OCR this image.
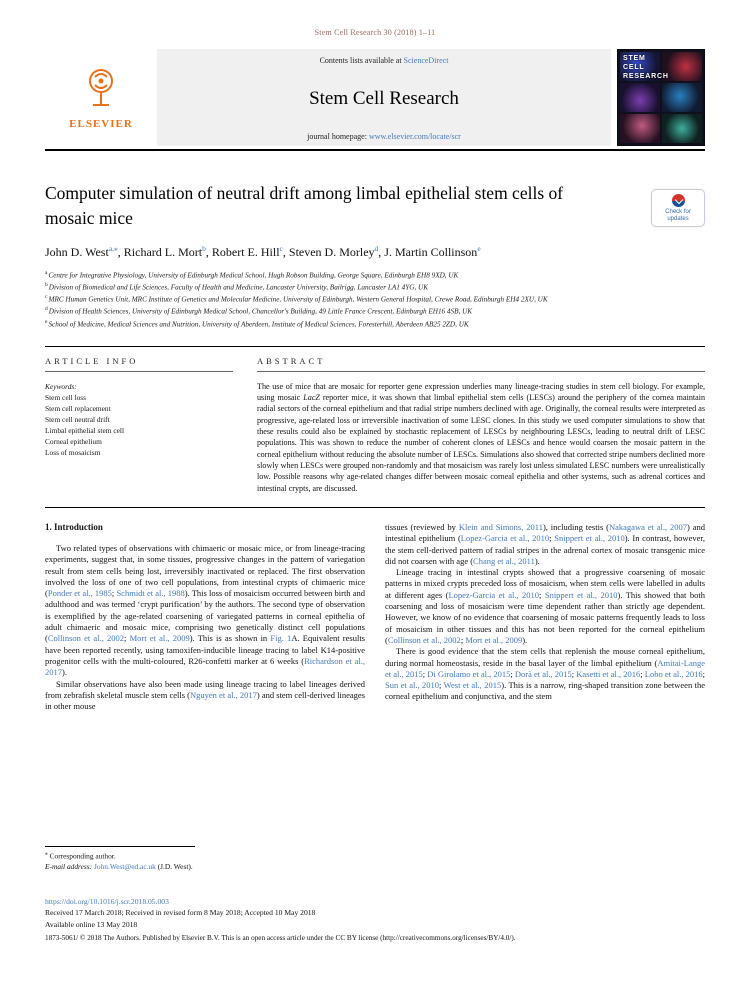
Stem Cell Research 30 (2018) 1–11
ELSEVIER
Contents lists available at ScienceDirect
Stem Cell Research
journal homepage: www.elsevier.com/locate/scr
STEM
CELL
RESEARCH
Computer simulation of neutral drift among limbal epithelial stem cells of mosaic mice	Check for updates
John D. West$^{a,⁎}$, Richard L. Mort$^b$, Robert E. Hill$^c$, Steven D. Morley$^d$, J. Martin Collinson$^e$
$^a$Centre for Integrative Physiology, University of Edinburgh Medical School, Hugh Robson Building, George Square, Edinburgh EH8 9XD, UK
$^b$Division of Biomedical and Life Sciences, Faculty of Health and Medicine, Lancaster University, Bailrigg, Lancaster LA1 4YG, UK
$^c$MRC Human Genetics Unit, MRC Institute of Genetics and Molecular Medicine, University of Edinburgh, Western General Hospital, Crewe Road, Edinburgh EH4 2XU, UK
$^d$Division of Health Sciences, University of Edinburgh Medical School, Chancellor's Building, 49 Little France Crescent, Edinburgh EH16 4SB, UK
$^e$School of Medicine, Medical Sciences and Nutrition, University of Aberdeen, Institute of Medical Sciences, Foresterhill, Aberdeen AB25 2ZD, UK
ARTICLE INFO
Keywords:
Stem cell loss
Stem cell replacement
Stem cell neutral drift
Limbal epithelial stem cell
Corneal epithelium
Loss of mosaicism
ABSTRACT
The use of mice that are mosaic for reporter gene expression underlies many lineage-tracing studies in stem cell biology. For example, using mosaic LacZ reporter mice, it was shown that limbal epithelial stem cells (LESCs) around the periphery of the cornea maintain radial sectors of the corneal epithelium and that radial stripe numbers declined with age. Originally, the corneal results were interpreted as progressive, age-related loss or irreversible inactivation of some LESC clones. In this study we used computer simulations to show that these results could also be explained by stochastic replacement of LESCs by neighbouring LESCs, leading to neutral drift of LESC populations. This was shown to reduce the number of coherent clones of LESCs and hence would coarsen the mosaic pattern in the corneal epithelium without reducing the absolute number of LESCs. Simulations also showed that corrected stripe numbers declined more slowly when LESCs were grouped non-randomly and that mosaicism was rarely lost unless simulated LESC numbers were unrealistically low. Possible reasons why age-related changes differ between mosaic corneal epithelia and other systems, such as adrenal cortices and intestinal crypts, are discussed.
1. Introduction

Two related types of observations with chimaeric or mosaic mice, or from lineage-tracing experiments, suggest that, in some tissues, progressive changes in the pattern of variegation result from stem cells being lost, irreversibly inactivated or replaced. The first observation involved the loss of one of two cell populations, from intestinal crypts of chimaeric mice (Ponder et al., 1985; Schmidt et al., 1988). This loss of mosaicism occurred between birth and adulthood and was termed ‘crypt purification’ by the authors. The second type of observation is exemplified by the age-related coarsening of variegated patterns in corneal epithelia of adult chimaeric and mosaic mice, comprising two genetically distinct cell populations (Collinson et al., 2002; Mort et al., 2009). This is as shown in Fig. 1A. Equivalent results have been reported recently, using tamoxifen-inducible lineage tracing to label K14-positive progenitor cells with the multi-coloured, R26-confetti marker at 6 weeks (Richardson et al., 2017).

Similar observations have also been made using lineage tracing to label lineages derived from zebrafish skeletal muscle stem cells (Nguyen et al., 2017) and stem cell-derived lineages in other mouse

tissues (reviewed by Klein and Simons, 2011), including testis (Nakagawa et al., 2007) and intestinal epithelium (Lopez-Garcia et al., 2010; Snippert et al., 2010). In contrast, however, the stem cell-derived pattern of radial stripes in the adrenal cortex of mosaic transgenic mice did not coarsen with age (Chang et al., 2011).

Lineage tracing in intestinal crypts showed that a progressive coarsening of mosaic patterns in mixed crypts preceded loss of mosaicism, when stem cells were labelled in adults at different ages (Lopez-Garcia et al., 2010; Snippert et al., 2010). This showed that both coarsening and loss of mosaicism were time dependent rather than strictly age dependent. However, we know of no evidence that coarsening of mosaic patterns frequently leads to loss of mosaicism in other tissues and this has not been reported for the corneal epithelium (Collinson et al., 2002; Mort et al., 2009).

There is good evidence that the stem cells that replenish the mouse corneal epithelium, during normal homeostasis, reside in the basal layer of the limbal epithelium (Amitai-Lange et al., 2015; Di Girolamo et al., 2015; Dorà et al., 2015; Kasetti et al., 2016; Lobo et al., 2016; Sun et al., 2010; West et al., 2015). This is a narrow, ring-shaped transition zone between the corneal epithelium and conjunctiva, and the stem

⁎ Corresponding author.
E-mail address: John.West@ed.ac.uk (J.D. West).
https://doi.org/10.1016/j.scr.2018.05.003
Received 17 March 2018; Received in revised form 8 May 2018; Accepted 10 May 2018
Available online 13 May 2018
1873-5061/ © 2018 The Authors. Published by Elsevier B.V. This is an open access article under the CC BY license (http://creativecommons.org/licenses/BY/4.0/).
